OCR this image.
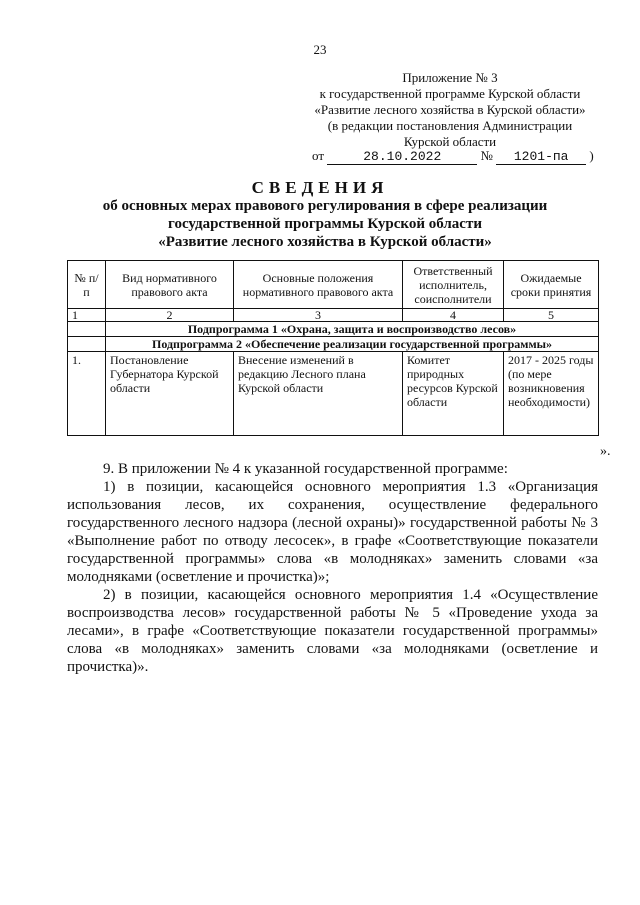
23
Приложение № 3
к государственной программе Курской области
«Развитие лесного хозяйства в Курской области»
(в редакции постановления Администрации
Курской области
от	28.10.2022	№ 1201-па )
СВЕДЕНИЯ
об основных мерах правового регулирования в сфере реализации
государственной программы Курской области
«Развитие лесного хозяйства в Курской области»
№ п/п	Вид нормативного правового акта	Основные положения нормативного правового акта	Ответственный исполнитель, соисполнители	Ожидаемые сроки принятия
1	2	3	4	5
	Подпрограмма 1 «Охрана, защита и воспроизводство лесов»			
	Подпрограмма 2 «Обеспечение реализации государственной программы»			
1.	Постановление Губернатора Курской области	Внесение изменений в редакцию Лесного плана Курской области	Комитет природных ресурсов Курской области	2017 - 2025 годы (по мере возникновения необходимости)
».

9. В приложении № 4 к указанной государственной программе:

1) в позиции, касающейся основного мероприятия 1.3 «Организация использования лесов, их сохранения, осуществление федерального государственного лесного надзора (лесной охраны)» государственной работы № 3 «Выполнение работ по отводу лесосек», в графе «Соответствующие показатели государственной программы» слова «в молодняках» заменить словами «за молодняками (осветление и прочистка)»;

2) в позиции, касающейся основного мероприятия 1.4 «Осуществление воспроизводства лесов» государственной работы № 5 «Проведение ухода за лесами», в графе «Соответствующие показатели государственной программы» слова «в молодняках» заменить словами «за молодняками (осветление и прочистка)».
